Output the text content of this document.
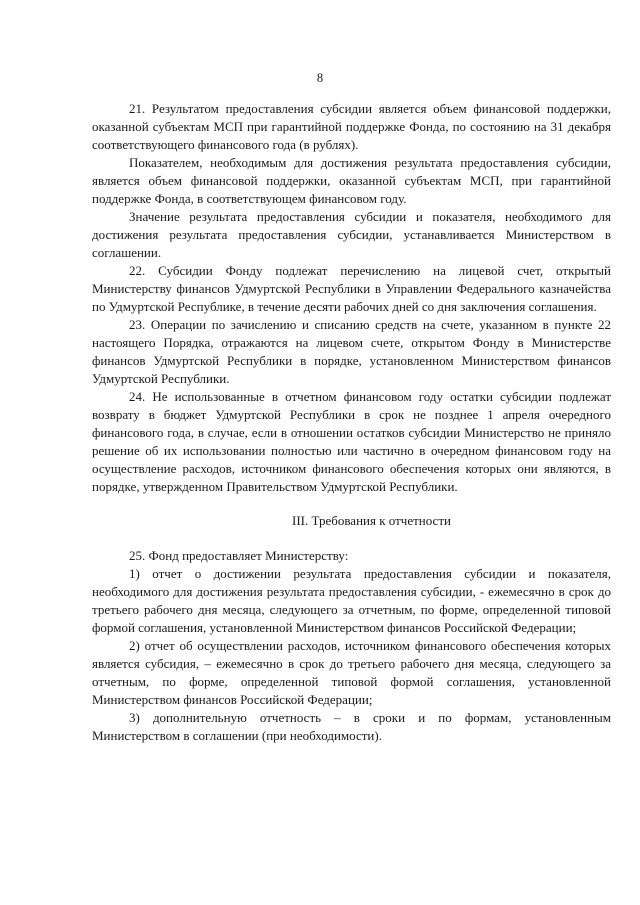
8

21. Результатом предоставления субсидии является объем финансовой поддержки, оказанной субъектам МСП при гарантийной поддержке Фонда, по состоянию на 31 декабря соответствующего финансового года (в рублях).

Показателем, необходимым для достижения результата предоставления субсидии, является объем финансовой поддержки, оказанной субъектам МСП, при гарантийной поддержке Фонда, в соответствующем финансовом году.

Значение результата предоставления субсидии и показателя, необходимого для достижения результата предоставления субсидии, устанавливается Министерством в соглашении.

22. Субсидии Фонду подлежат перечислению на лицевой счет, открытый Министерству финансов Удмуртской Республики в Управлении Федерального казначейства по Удмуртской Республике, в течение десяти рабочих дней со дня заключения соглашения.

23. Операции по зачислению и списанию средств на счете, указанном в пункте 22 настоящего Порядка, отражаются на лицевом счете, открытом Фонду в Министерстве финансов Удмуртской Республики в порядке, установленном Министерством финансов Удмуртской Республики.

24. Не использованные в отчетном финансовом году остатки субсидии подлежат возврату в бюджет Удмуртской Республики в срок не позднее 1 апреля очередного финансового года, в случае, если в отношении остатков субсидии Министерство не приняло решение об их использовании полностью или частично в очередном финансовом году на осуществление расходов, источником финансового обеспечения которых они являются, в порядке, утвержденном Правительством Удмуртской Республики.

III. Требования к отчетности

25. Фонд предоставляет Министерству:

1) отчет о достижении результата предоставления субсидии и показателя, необходимого для достижения результата предоставления субсидии, - ежемесячно в срок до третьего рабочего дня месяца, следующего за отчетным, по форме, определенной типовой формой соглашения, установленной Министерством финансов Российской Федерации;

2) отчет об осуществлении расходов, источником финансового обеспечения которых является субсидия, – ежемесячно в срок до третьего рабочего дня месяца, следующего за отчетным, по форме, определенной типовой формой соглашения, установленной Министерством финансов Российской Федерации;

3) дополнительную отчетность – в сроки и по формам, установленным Министерством в соглашении (при необходимости).
